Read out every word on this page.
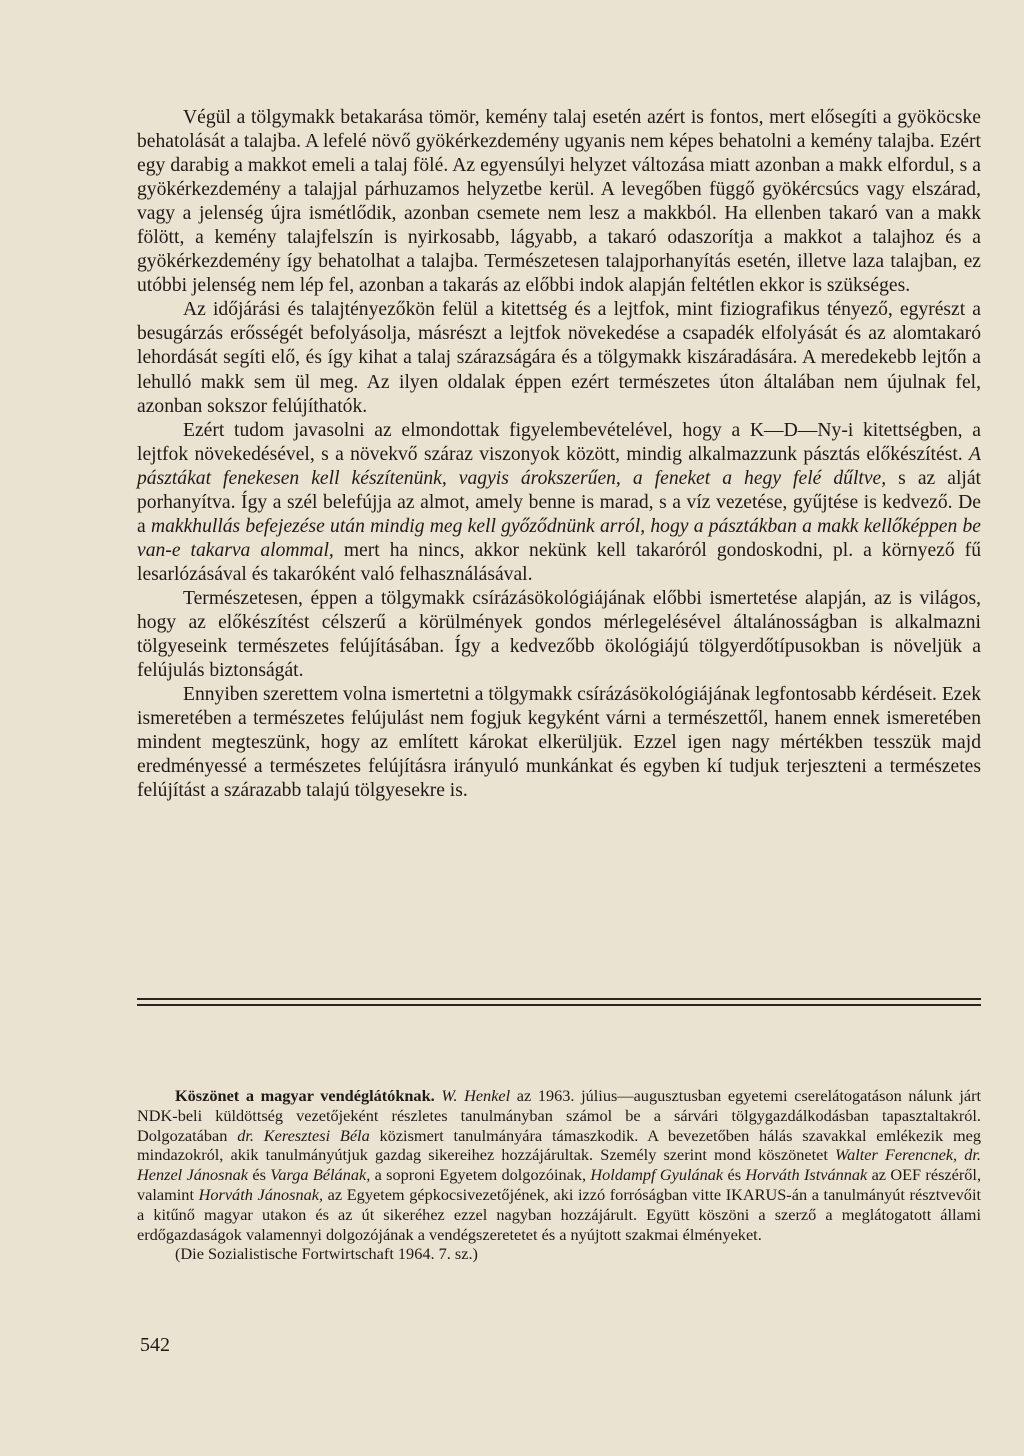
Végül a tölgymakk betakarása tömör, kemény talaj esetén azért is fontos, mert elősegíti a gyököcske behatolását a talajba. A lefelé növő gyökérkezdemény ugyanis nem képes behatolni a kemény talajba. Ezért egy darabig a makkot emeli a talaj fölé. Az egyensúlyi helyzet változása miatt azonban a makk elfordul, s a gyökérkezdemény a talajjal párhuzamos helyzetbe kerül. A levegőben függő gyökércsúcs vagy elszárad, vagy a jelenség újra ismétlődik, azonban csemete nem lesz a makkból. Ha ellenben takaró van a makk fölött, a kemény talajfelszín is nyirkosabb, lágyabb, a takaró odaszorítja a makkot a talajhoz és a gyökérkezdemény így behatolhat a talajba. Természetesen talajporhanyítás esetén, illetve laza talajban, ez utóbbi jelenség nem lép fel, azonban a takarás az előbbi indok alapján feltétlen ekkor is szükséges.

Az időjárási és talajtényezőkön felül a kitettség és a lejtfok, mint fiziografikus tényező, egyrészt a besugárzás erősségét befolyásolja, másrészt a lejtfok növekedése a csapadék elfolyását és az alomtakaró lehordását segíti elő, és így kihat a talaj szárazságára és a tölgymakk kiszáradására. A meredekebb lejtőn a lehulló makk sem ül meg. Az ilyen oldalak éppen ezért természetes úton általában nem újulnak fel, azonban sokszor felújíthatók.

Ezért tudom javasolni az elmondottak figyelembevételével, hogy a K—D—Ny-i kitettségben, a lejtfok növekedésével, s a növekvő száraz viszonyok között, mindig alkalmazzunk pásztás előkészítést. A pásztákat fenekesen kell készítenünk, vagyis árokszerűen, a feneket a hegy felé dűltve, s az alját porhanyítva. Így a szél belefújja az almot, amely benne is marad, s a víz vezetése, gyűjtése is kedvező. De a makkhullás befejezése után mindig meg kell győződnünk arról, hogy a pásztákban a makk kellőképpen be van-e takarva alommal, mert ha nincs, akkor nekünk kell takaróról gondoskodni, pl. a környező fű lesarlózásával és takaróként való felhasználásával.

Természetesen, éppen a tölgymakk csírázásökológiájának előbbi ismertetése alapján, az is világos, hogy az előkészítést célszerű a körülmények gondos mérlegelésével általánosságban is alkalmazni tölgyeseink természetes felújításában. Így a kedvezőbb ökológiájú tölgyerdőtípusokban is növeljük a felújulás biztonságát.

Ennyiben szerettem volna ismertetni a tölgymakk csírázásökológiájának legfontosabb kérdéseit. Ezek ismeretében a természetes felújulást nem fogjuk kegyként várni a természettől, hanem ennek ismeretében mindent megteszünk, hogy az említett károkat elkerüljük. Ezzel igen nagy mértékben tesszük majd eredményessé a természetes felújításra irányuló munkánkat és egyben kí tudjuk terjeszteni a természetes felújítást a szárazabb talajú tölgyesekre is.

Köszönet a magyar vendéglátóknak. W. Henkel az 1963. július—augusztusban egyetemi cserelátogatáson nálunk járt NDK-beli küldöttség vezetőjeként részletes tanulmányban számol be a sárvári tölgygazdálkodásban tapasztaltakról. Dolgozatában dr. Keresztesi Béla közismert tanulmányára támaszkodik. A bevezetőben hálás szavakkal emlékezik meg mindazokról, akik tanulmányútjuk gazdag sikereihez hozzájárultak. Személy szerint mond köszönetet Walter Ferencnek, dr. Henzel Jánosnak és Varga Bélának, a soproni Egyetem dolgozóinak, Holdampf Gyulának és Horváth Istvánnak az OEF részéről, valamint Horváth Jánosnak, az Egyetem gépkocsivezetőjének, aki izzó forróságban vitte IKARUS-án a tanulmányút résztvevőit a kitűnő magyar utakon és az út sikeréhez ezzel nagyban hozzájárult. Együtt köszöni a szerző a meglátogatott állami erdőgazdaságok valamennyi dolgozójának a vendégszeretetet és a nyújtott szakmai élményeket.

(Die Sozialistische Fortwirtschaft 1964. 7. sz.)

542
